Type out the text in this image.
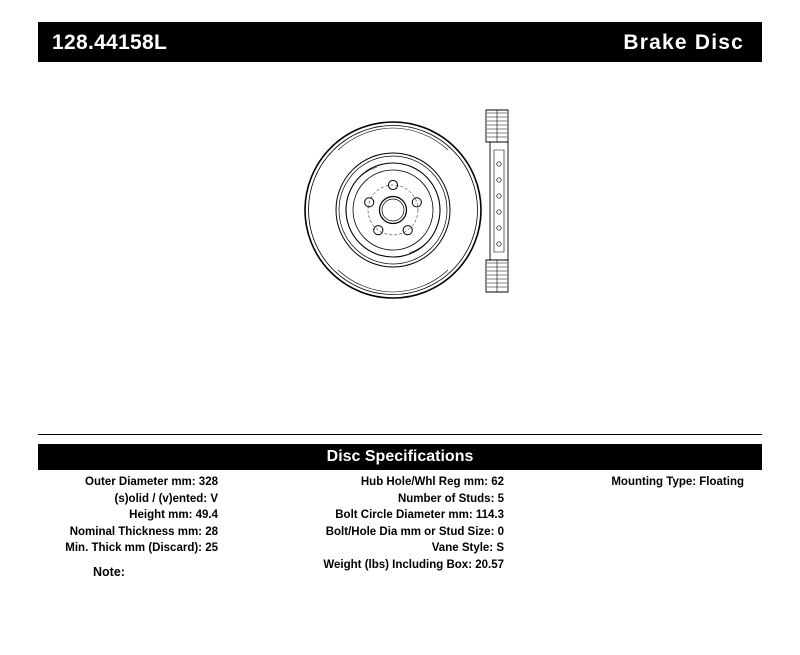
128.44158L	Brake Disc
Disc Specifications
Outer Diameter mm: 328
(s)olid / (v)ented: V
Height mm: 49.4
Nominal Thickness mm: 28
Min. Thick mm (Discard): 25
Hub Hole/Whl Reg mm: 62
Number of Studs: 5
Bolt Circle Diameter mm: 114.3
Bolt/Hole Dia mm or Stud Size: 0
Vane Style: S
Weight (lbs) Including Box: 20.57
Mounting Type: Floating
Note:
